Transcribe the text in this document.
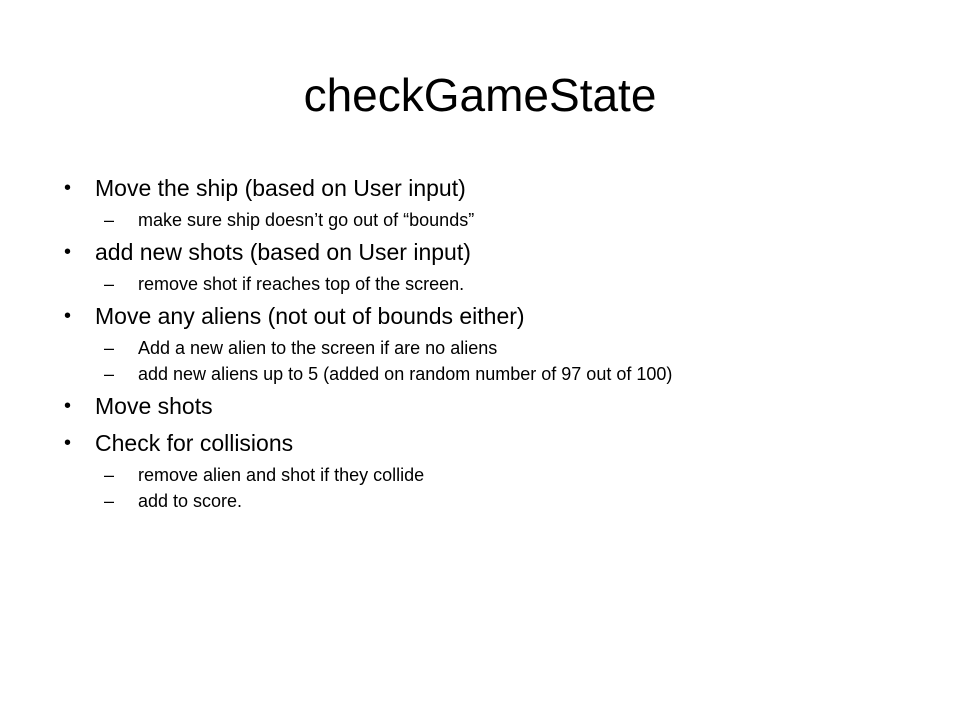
checkGameState
• Move the ship (based on User input)
– make sure ship doesn’t go out of “bounds”
• add new shots (based on User input)
– remove shot if reaches top of the screen.
• Move any aliens (not out of bounds either)
– Add a new alien to the screen if are no aliens
– add new aliens up to 5 (added on random number of 97 out of 100)
• Move shots
• Check for collisions
– remove alien and shot if they collide
– add to score.
